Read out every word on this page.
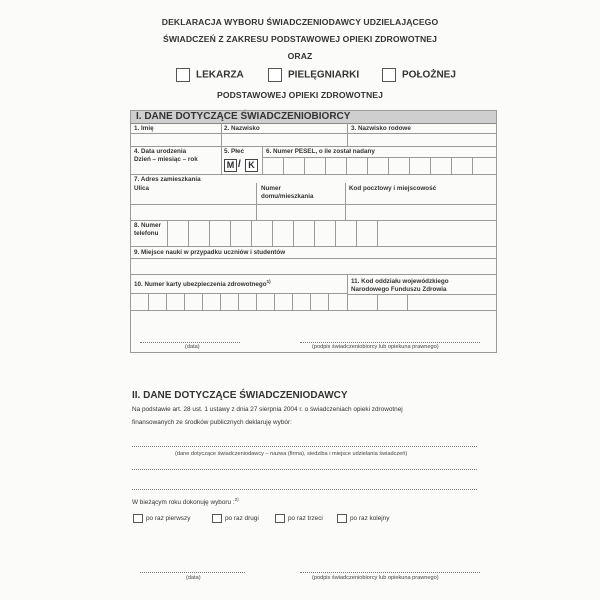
DEKLARACJA WYBORU ŚWIADCZENIODAWCY UDZIELAJĄCEGO
ŚWIADCZEŃ Z ZAKRESU PODSTAWOWEJ OPIEKI ZDROWOTNEJ
ORAZ
LEKARZA	PIELĘGNIARKI	POŁOŻNEJ
PODSTAWOWEJ OPIEKI ZDROWOTNEJ
I. DANE DOTYCZĄCE ŚWIADCZENIOBIORCY
1. Imię	2. Nazwisko	3. Nazwisko rodowe
4. Data urodzenia
Dzień – miesiąc – rok
5. Płeć	6. Numer PESEL, o ile został nadany
M / K
7. Adres zamieszkania
Ulica	Numer
domu/mieszkania
Kod pocztowy i miejscowość
8. Numer
telefonu
9. Miejsce nauki w przypadku uczniów i studentów
10. Numer karty ubezpieczenia zdrowotnego$^{1)}$	11. Kod oddziału wojewódzkiego
Narodowego Funduszu Zdrowia
(data)	(podpis świadczeniobiorcy lub opiekuna prawnego)
II. DANE DOTYCZĄCE ŚWIADCZENIODAWCY
Na podstawie art. 28 ust. 1 ustawy z dnia 27 sierpnia 2004 r. o świadczeniach opieki zdrowotnej
finansowanych ze środków publicznych deklaruję wybór:
(dane dotyczące świadczeniodawcy – nazwa (firma), siedziba i miejsce udzielania świadczeń)
W bieżącym roku dokonuję wyboru :$^{2)}$
po raz pierwszy	po raz drugi	po raz trzeci	po raz kolejny
(data)	(podpis świadczeniobiorcy lub opiekuna prawnego)
